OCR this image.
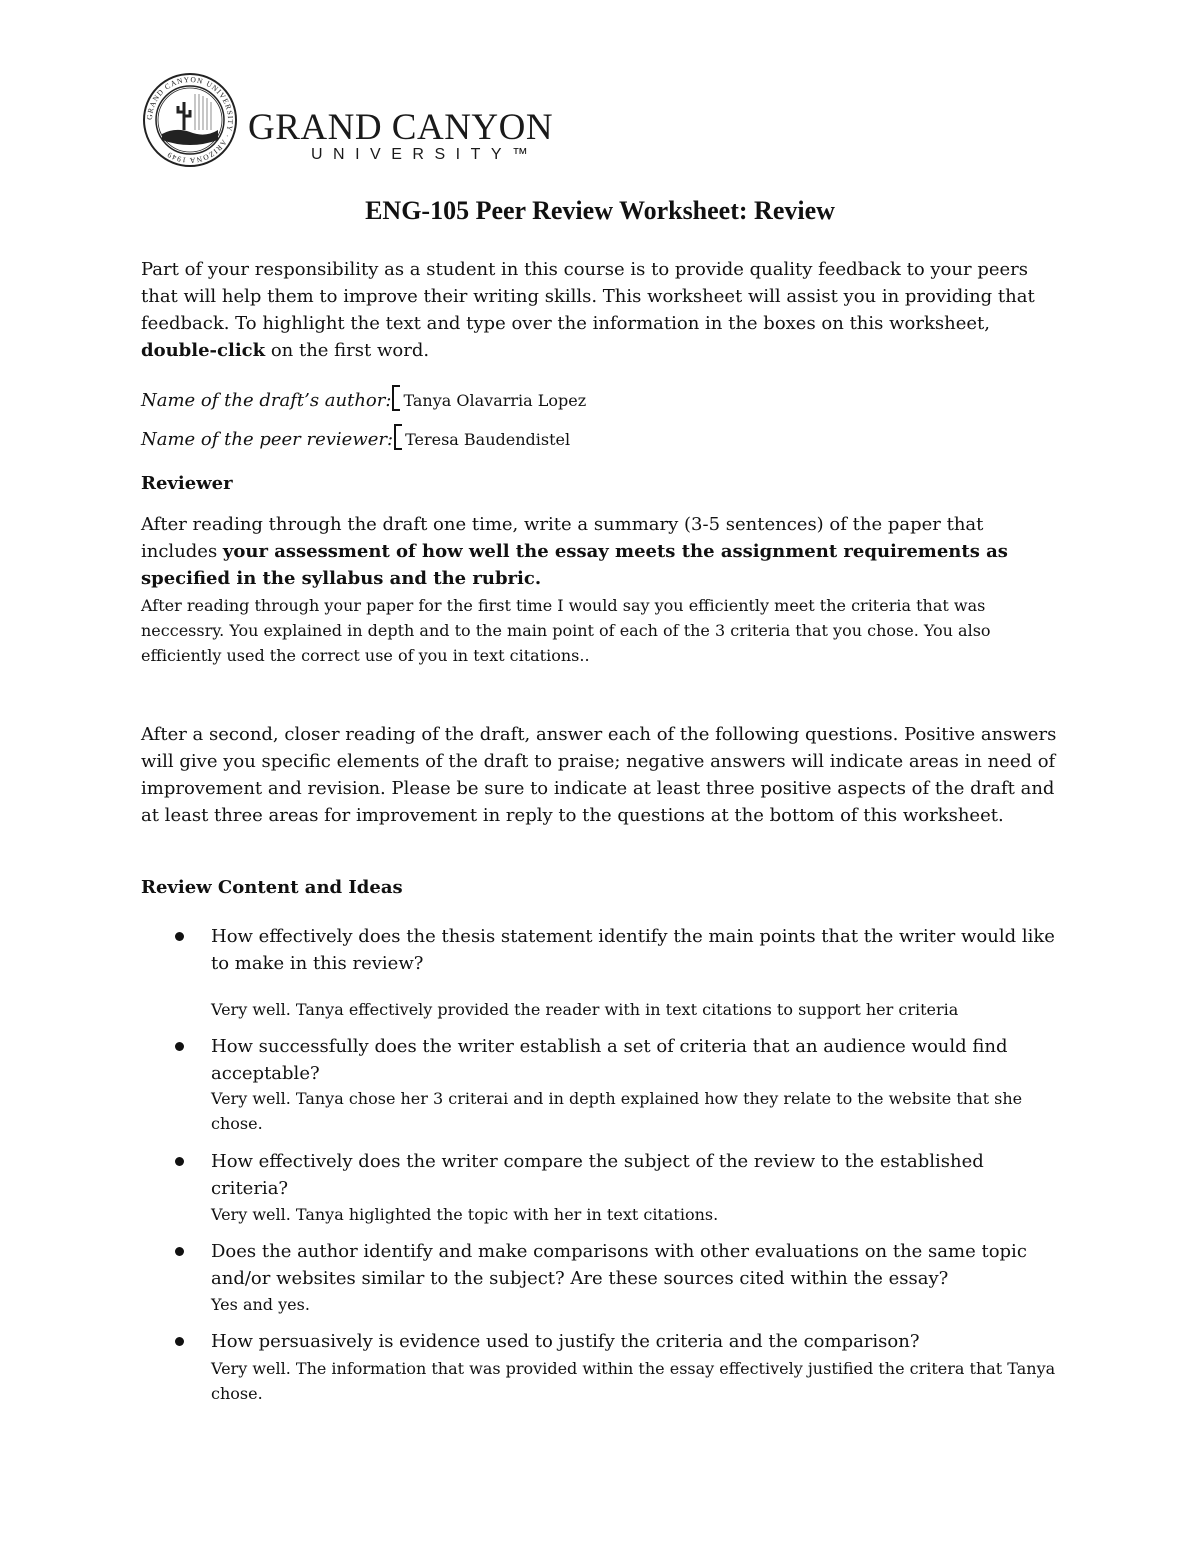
GRAND CANYON UNIVERSITY · ARIZONA 1949
GRAND CANYON
UNIVERSITY™
ENG-105 Peer Review Worksheet: Review
Part of your responsibility as a student in this course is to provide quality feedback to your peers that will help them to improve their writing skills. This worksheet will assist you in providing that feedback. To highlight the text and type over the information in the boxes on this worksheet, double-click on the first word.
Name of the draft’s author: Tanya Olavarria Lopez
Name of the peer reviewer: Teresa Baudendistel
Reviewer
After reading through the draft one time, write a summary (3-5 sentences) of the paper that includes your assessment of how well the essay meets the assignment requirements as specified in the syllabus and the rubric.
After reading through your paper for the first time I would say you efficiently meet the criteria that was neccessry. You explained in depth and to the main point of each of the 3 criteria that you chose. You also efficiently used the correct use of you in text citations..
After a second, closer reading of the draft, answer each of the following questions. Positive answers will give you specific elements of the draft to praise; negative answers will indicate areas in need of improvement and revision. Please be sure to indicate at least three positive aspects of the draft and at least three areas for improvement in reply to the questions at the bottom of this worksheet.
Review Content and Ideas
How effectively does the thesis statement identify the main points that the writer would like to make in this review?
Very well. Tanya effectively provided the reader with in text citations to support her criteria
How successfully does the writer establish a set of criteria that an audience would find acceptable?
Very well. Tanya chose her 3 criterai and in depth explained how they relate to the website that she chose.
How effectively does the writer compare the subject of the review to the established criteria?
Very well. Tanya higlighted the topic with her in text citations.
Does the author identify and make comparisons with other evaluations on the same topic and/or websites similar to the subject? Are these sources cited within the essay?
Yes and yes.
How persuasively is evidence used to justify the criteria and the comparison?
Very well. The information that was provided within the essay effectively justified the critera that Tanya chose.
